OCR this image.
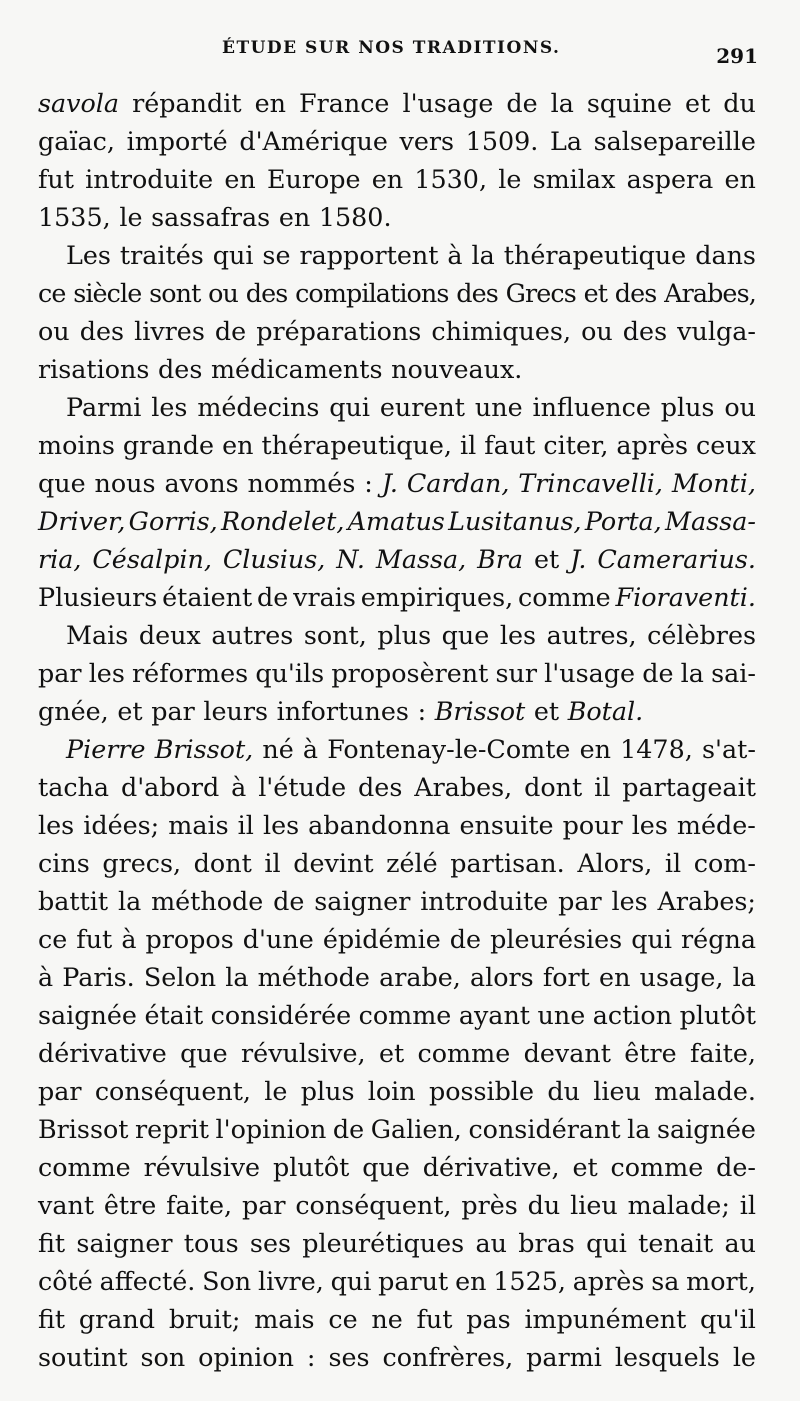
ÉTUDE SUR NOS TRADITIONS.	291
savola répandit en France l'usage de la squine et du
gaïac, importé d'Amérique vers 1509. La salsepareille
fut introduite en Europe en 1530, le smilax aspera en
1535, le sassafras en 1580.
Les traités qui se rapportent à la thérapeutique dans
ce siècle sont ou des compilations des Grecs et des Arabes,
ou des livres de préparations chimiques, ou des vulga-
risations des médicaments nouveaux.
Parmi les médecins qui eurent une influence plus ou
moins grande en thérapeutique, il faut citer, après ceux
que nous avons nommés : J. Cardan, Trincavelli, Monti,
Driver, Gorris, Rondelet, Amatus Lusitanus, Porta, Massa-
ria, Césalpin, Clusius, N. Massa, Bra et J. Camerarius.
Plusieurs étaient de vrais empiriques, comme Fioraventi.
Mais deux autres sont, plus que les autres, célèbres
par les réformes qu'ils proposèrent sur l'usage de la sai-
gnée, et par leurs infortunes : Brissot et Botal.
Pierre Brissot, né à Fontenay-le-Comte en 1478, s'at-
tacha d'abord à l'étude des Arabes, dont il partageait
les idées; mais il les abandonna ensuite pour les méde-
cins grecs, dont il devint zélé partisan. Alors, il com-
battit la méthode de saigner introduite par les Arabes;
ce fut à propos d'une épidémie de pleurésies qui régna
à Paris. Selon la méthode arabe, alors fort en usage, la
saignée était considérée comme ayant une action plutôt
dérivative que révulsive, et comme devant être faite,
par conséquent, le plus loin possible du lieu malade.
Brissot reprit l'opinion de Galien, considérant la saignée
comme révulsive plutôt que dérivative, et comme de-
vant être faite, par conséquent, près du lieu malade; il
fit saigner tous ses pleurétiques au bras qui tenait au
côté affecté. Son livre, qui parut en 1525, après sa mort,
fit grand bruit; mais ce ne fut pas impunément qu'il
soutint son opinion : ses confrères, parmi lesquels le
